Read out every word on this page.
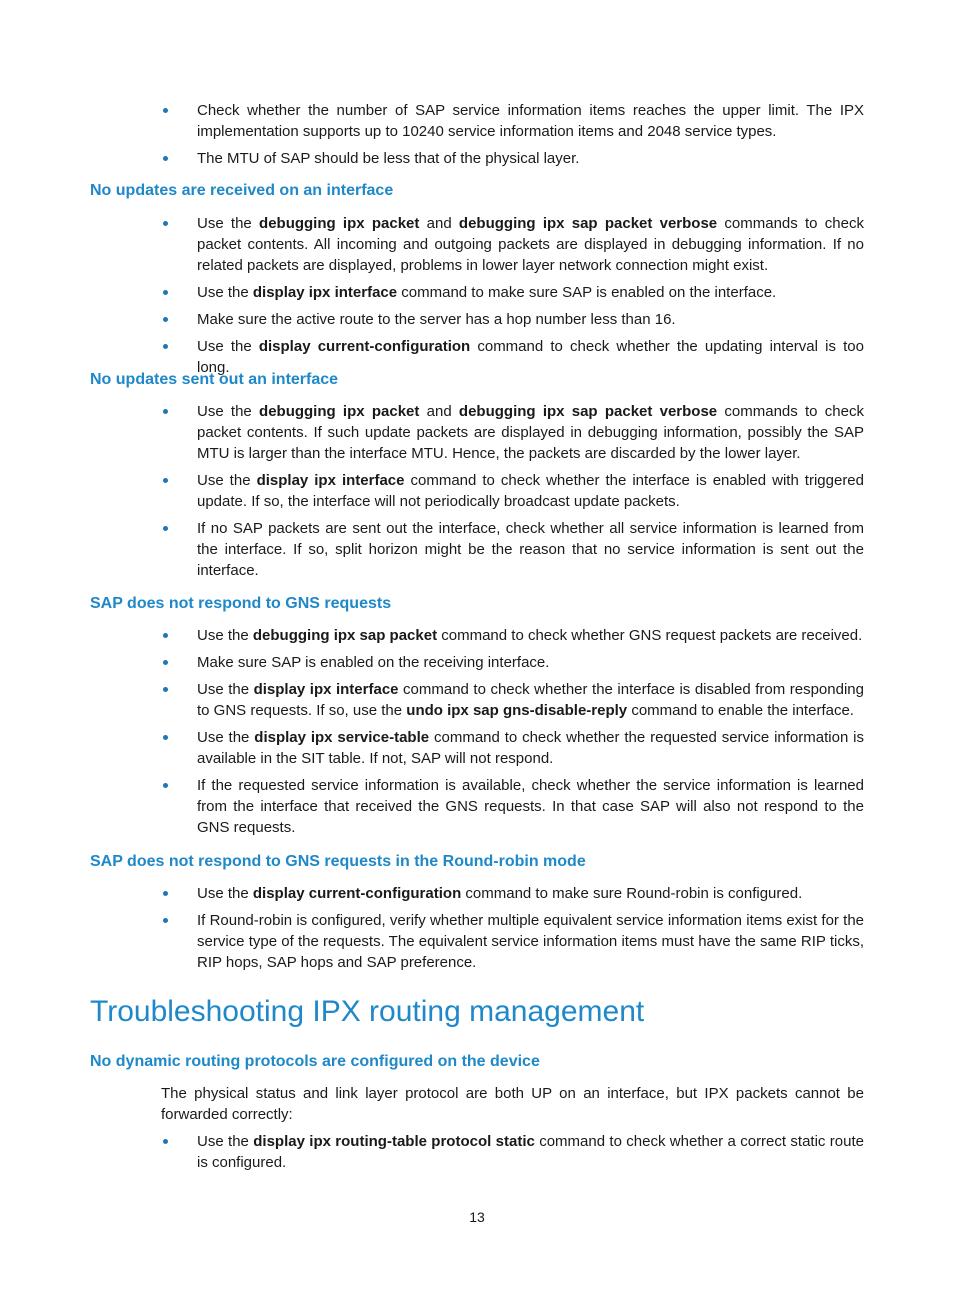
Check whether the number of SAP service information items reaches the upper limit. The IPX implementation supports up to 10240 service information items and 2048 service types.

The MTU of SAP should be less that of the physical layer.

No updates are received on an interface

Use the debugging ipx packet and debugging ipx sap packet verbose commands to check packet contents. All incoming and outgoing packets are displayed in debugging information. If no related packets are displayed, problems in lower layer network connection might exist.

Use the display ipx interface command to make sure SAP is enabled on the interface.

Make sure the active route to the server has a hop number less than 16.

Use the display current-configuration command to check whether the updating interval is too long.

No updates sent out an interface

Use the debugging ipx packet and debugging ipx sap packet verbose commands to check packet contents. If such update packets are displayed in debugging information, possibly the SAP MTU is larger than the interface MTU. Hence, the packets are discarded by the lower layer.

Use the display ipx interface command to check whether the interface is enabled with triggered update. If so, the interface will not periodically broadcast update packets.

If no SAP packets are sent out the interface, check whether all service information is learned from the interface. If so, split horizon might be the reason that no service information is sent out the interface.

SAP does not respond to GNS requests

Use the debugging ipx sap packet command to check whether GNS request packets are received.

Make sure SAP is enabled on the receiving interface.

Use the display ipx interface command to check whether the interface is disabled from responding to GNS requests. If so, use the undo ipx sap gns-disable-reply command to enable the interface.

Use the display ipx service-table command to check whether the requested service information is available in the SIT table. If not, SAP will not respond.

If the requested service information is available, check whether the service information is learned from the interface that received the GNS requests. In that case SAP will also not respond to the GNS requests.

SAP does not respond to GNS requests in the Round-robin mode

Use the display current-configuration command to make sure Round-robin is configured.

If Round-robin is configured, verify whether multiple equivalent service information items exist for the service type of the requests. The equivalent service information items must have the same RIP ticks, RIP hops, SAP hops and SAP preference.

Troubleshooting IPX routing management
No dynamic routing protocols are configured on the device

The physical status and link layer protocol are both UP on an interface, but IPX packets cannot be forwarded correctly:

Use the display ipx routing-table protocol static command to check whether a correct static route is configured.

13
